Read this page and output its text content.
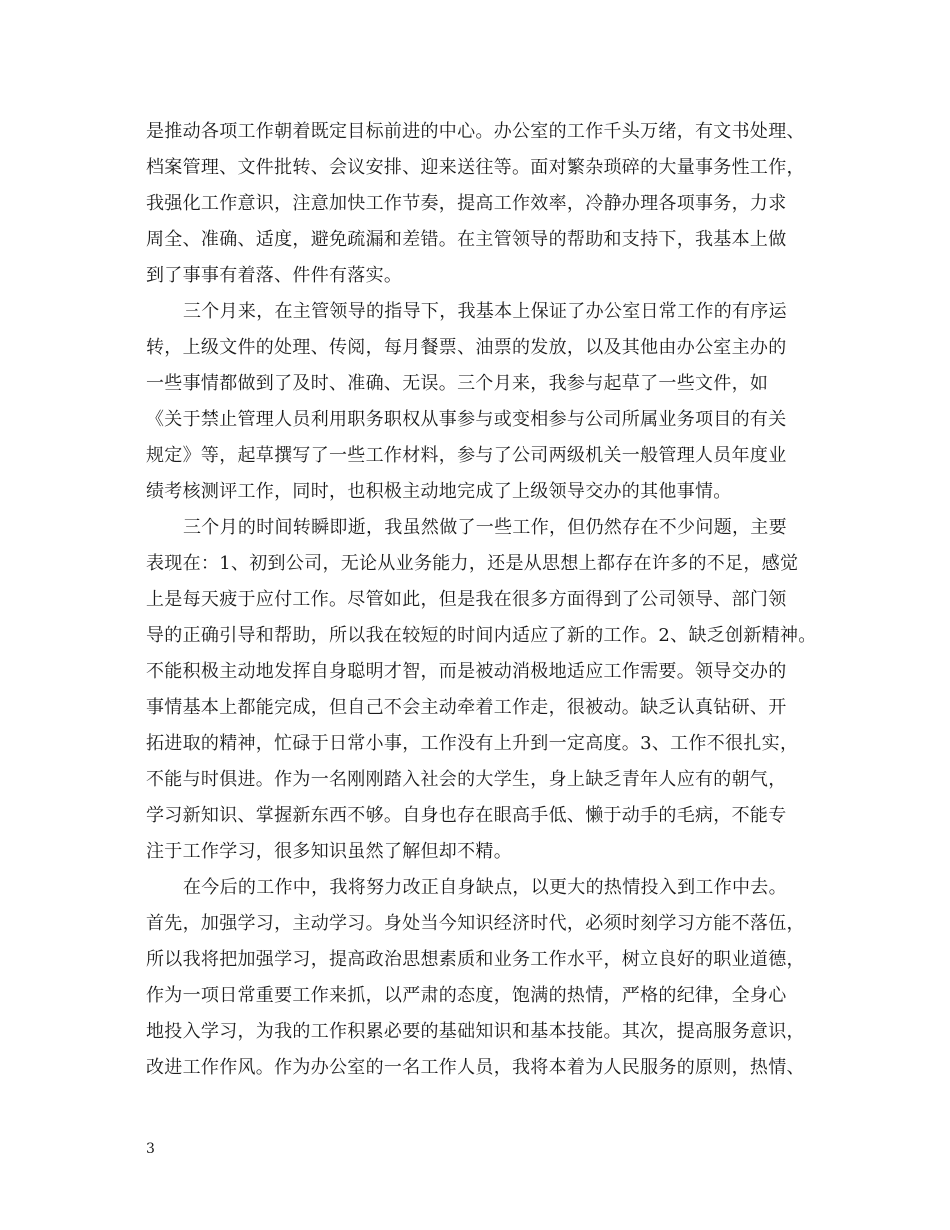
是推动各项工作朝着既定目标前进的中心。办公室的工作千头万绪，有文书处理、
档案管理、文件批转、会议安排、迎来送往等。面对繁杂琐碎的大量事务性工作，
我强化工作意识，注意加快工作节奏，提高工作效率，冷静办理各项事务，力求
周全、准确、适度，避免疏漏和差错。在主管领导的帮助和支持下，我基本上做
到了事事有着落、件件有落实。
三个月来，在主管领导的指导下，我基本上保证了办公室日常工作的有序运
转，上级文件的处理、传阅，每月餐票、油票的发放，以及其他由办公室主办的
一些事情都做到了及时、准确、无误。三个月来，我参与起草了一些文件，如
《关于禁止管理人员利用职务职权从事参与或变相参与公司所属业务项目的有关
规定》等，起草撰写了一些工作材料，参与了公司两级机关一般管理人员年度业
绩考核测评工作，同时，也积极主动地完成了上级领导交办的其他事情。
三个月的时间转瞬即逝，我虽然做了一些工作，但仍然存在不少问题，主要
表现在：1、初到公司，无论从业务能力，还是从思想上都存在许多的不足，感觉
上是每天疲于应付工作。尽管如此，但是我在很多方面得到了公司领导、部门领
导的正确引导和帮助，所以我在较短的时间内适应了新的工作。2、缺乏创新精神。
不能积极主动地发挥自身聪明才智，而是被动消极地适应工作需要。领导交办的
事情基本上都能完成，但自己不会主动牵着工作走，很被动。缺乏认真钻研、开
拓进取的精神，忙碌于日常小事，工作没有上升到一定高度。3、工作不很扎实，
不能与时俱进。作为一名刚刚踏入社会的大学生，身上缺乏青年人应有的朝气，
学习新知识、掌握新东西不够。自身也存在眼高手低、懒于动手的毛病，不能专
注于工作学习，很多知识虽然了解但却不精。
在今后的工作中，我将努力改正自身缺点，以更大的热情投入到工作中去。
首先，加强学习，主动学习。身处当今知识经济时代，必须时刻学习方能不落伍，
所以我将把加强学习，提高政治思想素质和业务工作水平，树立良好的职业道德，
作为一项日常重要工作来抓，以严肃的态度，饱满的热情，严格的纪律，全身心
地投入学习，为我的工作积累必要的基础知识和基本技能。其次，提高服务意识，
改进工作作风。作为办公室的一名工作人员，我将本着为人民服务的原则，热情、
3
